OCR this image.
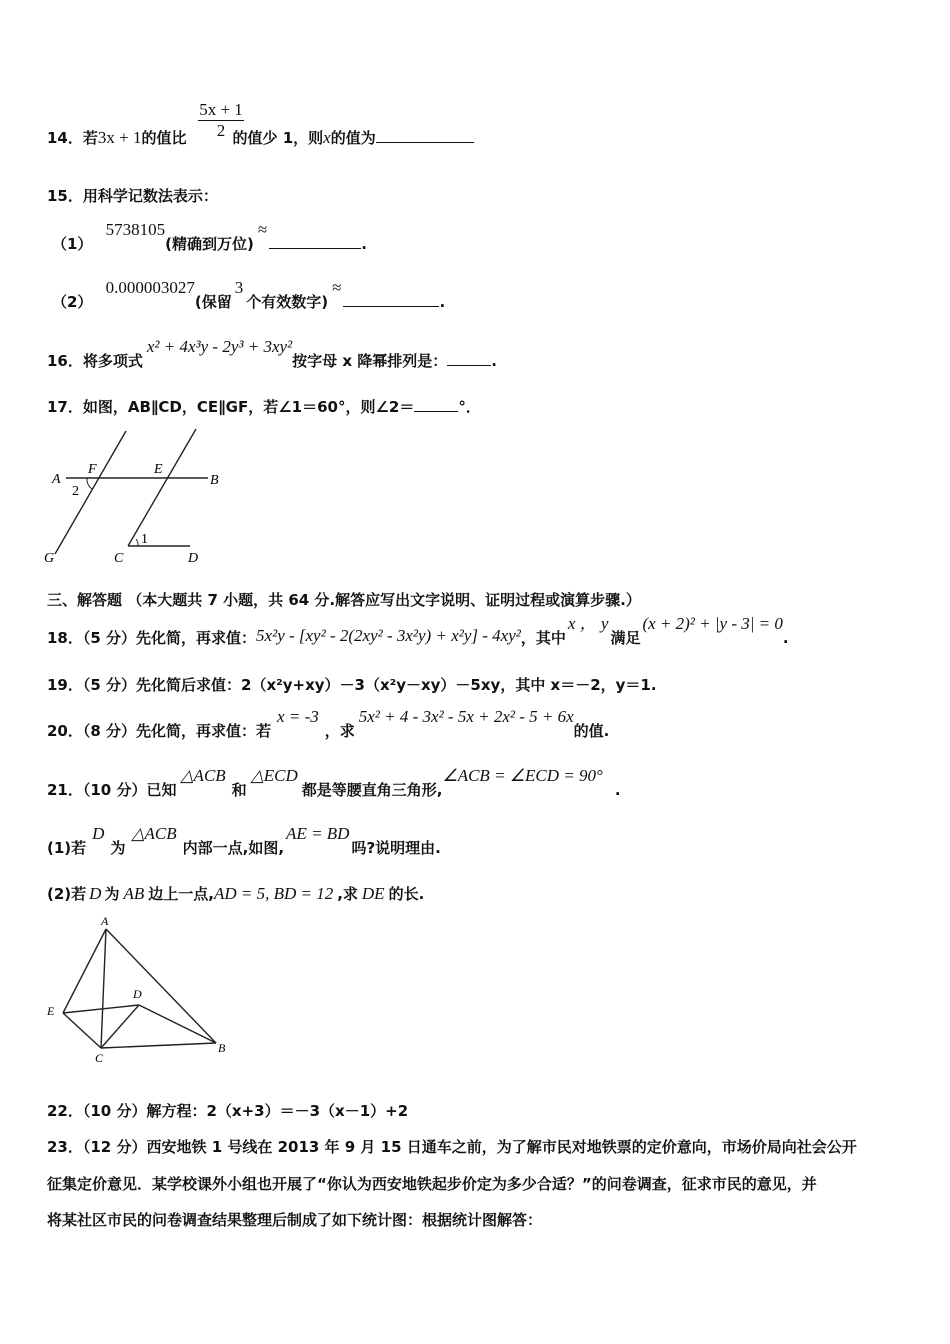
14．若3x + 1的值比	的值少 1，则x的值为
$\frac{5x + 1}{2}$
15．用科学记数法表示：
（1） 5738105(精确到万位)≈.
（2） 0.000003027(保留3个有效数字)≈.
16．将多项式x² + 4x³y - 2y³ + 3xy²按字母 x 降幂排列是：	.
17．如图，AB∥CD，CE∥GF，若∠1＝60°，则∠2＝	°．
A
F	E
B
2
1
G	C	D
三、解答题 （本大题共 7 小题，共 64 分.解答应写出文字说明、证明过程或演算步骤.）
18．（5 分）先化简，再求值：5x²y - [xy² - 2(2xy² - 3x²y) + x²y] - 4xy²，其中x ， y满足(x + 2)² + |y - 3| = 0.
19．（5 分）先化简后求值：2（x²y+xy）－3（x²y－xy）－5xy，其中 x＝－2，y＝1.
20．（8 分）先化简，再求值：若x = -3，求5x² + 4 - 3x² - 5x + 2x² - 5 + 6x的值.
21．（10 分）已知△ACB和△ECD都是等腰直角三角形,∠ACB = ∠ECD = 90°.
(1)若D为△ACB内部一点,如图,AE = BD吗?说明理由.
(2)若 D 为 AB 边上一点,AD = 5, BD = 12 ,求 DE 的长.
A
E
D
C
B
22．（10 分）解方程：2（x+3）＝－3（x－1）+2
23．（12 分）西安地铁 1 号线在 2013 年 9 月 15 日通车之前，为了解市民对地铁票的定价意向，市场价局向社会公开
征集定价意见．某学校课外小组也开展了“你认为西安地铁起步价定为多少合适？”的问卷调查，征求市民的意见，并
将某社区市民的问卷调查结果整理后制成了如下统计图：根据统计图解答：
